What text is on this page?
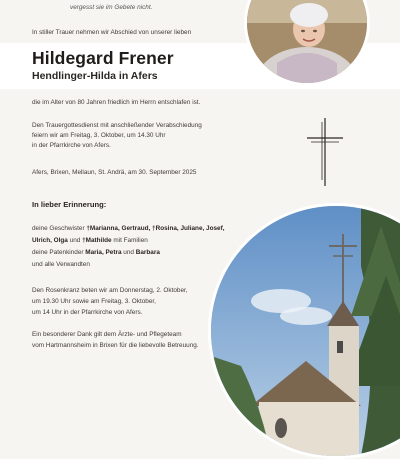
vergesst sie im Gebete nicht.
In stiller Trauer nehmen wir Abschied von unserer lieben
Hildegard Frener
Hendlinger-Hilda in Afers
die im Alter von 80 Jahren friedlich im Herrn entschlafen ist.
Den Trauergottesdienst mit anschließender Verabschiedung
feiern wir am Freitag, 3. Oktober, um 14.30 Uhr
in der Pfarrkirche von Afers.
Afers, Brixen, Mellaun, St. Andrä, am 30. September 2025
In lieber Erinnerung:
deine Geschwister †Marianna, Gertraud, †Rosina, Juliane, Josef,
Ulrich, Olga und †Mathilde mit Familien
deine Patenkinder Maria, Petra und Barbara
und alle Verwandten
Den Rosenkranz beten wir am Donnerstag, 2. Oktober,
um 19.30 Uhr sowie am Freitag, 3. Oktober,
um 14 Uhr in der Pfarrkirche von Afers.
Ein besonderer Dank gilt dem Ärzte- und Pflegeteam
vom Hartmannsheim in Brixen für die liebevolle Betreuung.
